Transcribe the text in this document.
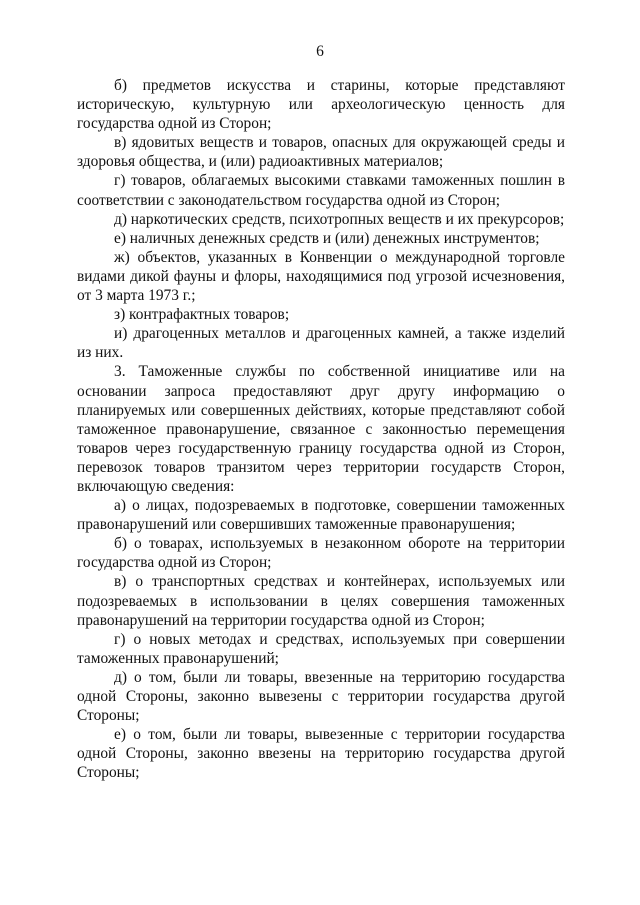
6

б) предметов искусства и старины, которые представляют историческую, культурную или археологическую ценность для государства одной из Сторон;

в) ядовитых веществ и товаров, опасных для окружающей среды и здоровья общества, и (или) радиоактивных материалов;

г) товаров, облагаемых высокими ставками таможенных пошлин в соответствии с законодательством государства одной из Сторон;

д) наркотических средств, психотропных веществ и их прекурсоров;

е) наличных денежных средств и (или) денежных инструментов;

ж) объектов, указанных в Конвенции о международной торговле видами дикой фауны и флоры, находящимися под угрозой исчезновения, от 3 марта 1973 г.;

з) контрафактных товаров;

и) драгоценных металлов и драгоценных камней, а также изделий из них.

3. Таможенные службы по собственной инициативе или на основании запроса предоставляют друг другу информацию о планируемых или совершенных действиях, которые представляют собой таможенное правонарушение, связанное с законностью перемещения товаров через государственную границу государства одной из Сторон, перевозок товаров транзитом через территории государств Сторон, включающую сведения:

а) о лицах, подозреваемых в подготовке, совершении таможенных правонарушений или совершивших таможенные правонарушения;

б) о товарах, используемых в незаконном обороте на территории государства одной из Сторон;

в) о транспортных средствах и контейнерах, используемых или подозреваемых в использовании в целях совершения таможенных правонарушений на территории государства одной из Сторон;

г) о новых методах и средствах, используемых при совершении таможенных правонарушений;

д) о том, были ли товары, ввезенные на территорию государства одной Стороны, законно вывезены с территории государства другой Стороны;

е) о том, были ли товары, вывезенные с территории государства одной Стороны, законно ввезены на территорию государства другой Стороны;
